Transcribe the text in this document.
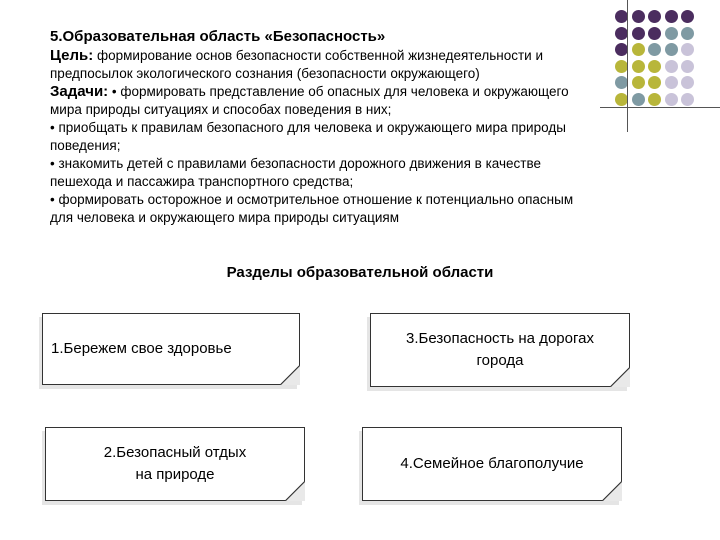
5.Образовательная область «Безопасность»

Цель: формирование основ безопасности собственной жизнедеятельности и

предпосылок экологического сознания (безопасности окружающего)

Задачи: • формировать представление об опасных для человека и окружающего

мира природы ситуациях и способах поведения в них;

• приобщать к правилам безопасного для человека и окружающего мира природы

поведения;

• знакомить детей с правилами безопасности дорожного движения в качестве

пешехода и пассажира транспортного средства;

• формировать осторожное и осмотрительное отношение к потенциально опасным

для человека и окружающего мира природы ситуациям

Разделы образовательной области
1.Бережем свое здоровье
3.Безопасность на дорогах
города
2.Безопасный отдых
на природе
4.Семейное благополучие
